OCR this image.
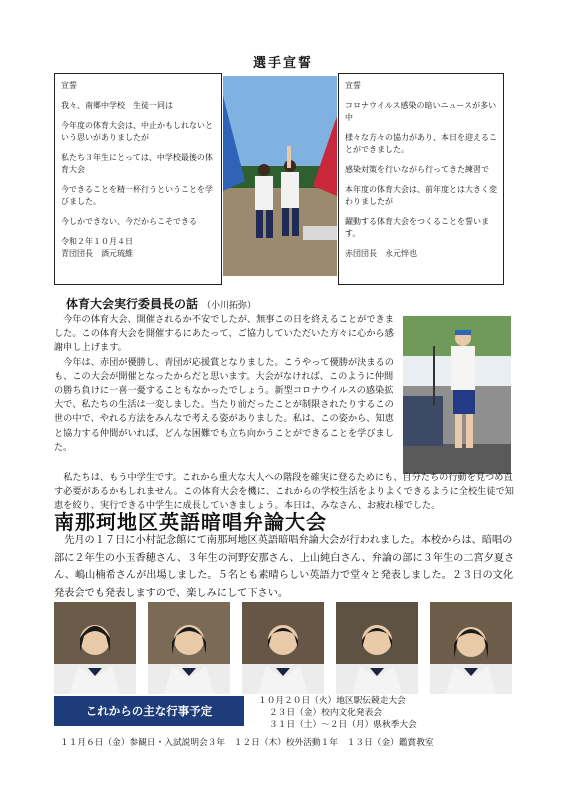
選手宣誓

宣誓

我々、南郷中学校　生徒一同は

今年度の体育大会は、中止かもしれないという思いがありましたが

私たち３年生にとっては、中学校最後の体育大会

今できることを精一杯行うということを学びました。

今しかできない、今だからこそできる

令和２年１０月４日
青団団長　酒元琉維

宣誓

コロナウイルス感染の暗いニュースが多い中

様々な方々の協力があり、本日を迎えることができました。

感染対策を行いながら行ってきた練習で

本年度の体育大会は、前年度とは大きく変わりましたが

躍動する体育大会をつくることを誓います。

赤団団長　永元悴也
体育大会実行委員長の話 （小川拓弥）
今年の体育大会、開催されるか不安でしたが、無事この日を終えることができました。この体育大会を開催するにあたって、ご協力していただいた方々に心から感謝申し上げます。
今年は、赤団が優勝し、青団が応援賞となりました。こうやって優勝が決まるのも、この大会が開催となったからだと思います。大会がなければ、このように仲間の勝ち負けに一喜一憂することもなかったでしょう。新型コロナウイルスの感染拡大で、私たちの生活は一変しました。当たり前だったことが制限されたりするこの世の中で、やれる方法をみんなで考える姿がありました。私は、この姿から、知恵と協力する仲間がいれば、どんな困難でも立ち向かうことができることを学びました。
私たちは、もう中学生です。これから重大な大人への階段を確実に登るためにも、自分たちの行動を見つめ直す必要があるかもしれません。この体育大会を機に、これからの学校生活をよりよくできるように全校生徒で知恵を絞り、実行できる中学生に成長していきましょう。本日は、みなさん、お疲れ様でした。
南那珂地区英語暗唱弁論大会
先月の１７日に小村記念館にて南那珂地区英語暗唱弁論大会が行われました。本校からは、暗唱の部に２年生の小玉香穂さん、３年生の河野安那さん、上山純白さん、弁論の部に３年生の二宮夕夏さん、嶋山楠希さんが出場しました。５名とも素晴らしい英語力で堂々と発表しました。２３日の文化発表会でも発表しますので、楽しみにして下さい。
これからの主な行事予定
１０月２０日（火）地区駅伝競走大会
２３日（金）校内文化発表会
３１日（土）～２日（月）県秋季大会
１１月６日（金）参観日・入試説明会３年　１２日（木）校外活動１年　１３日（金）鑑賞教室
